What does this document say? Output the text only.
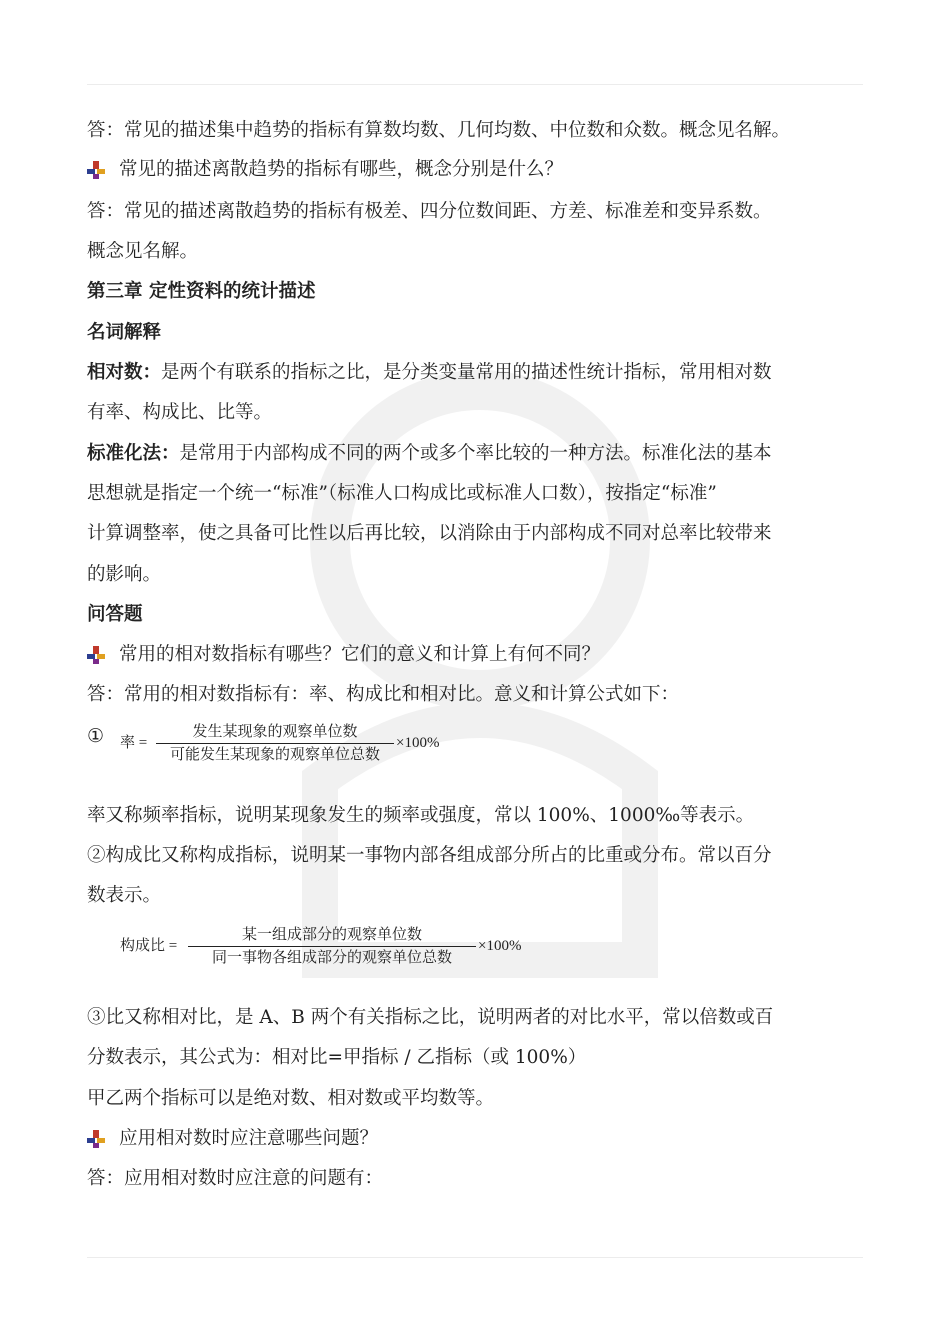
答：常见的描述集中趋势的指标有算数均数、几何均数、中位数和众数。概念见名解。
常见的描述离散趋势的指标有哪些，概念分别是什么？
答：常见的描述离散趋势的指标有极差、四分位数间距、方差、标准差和变异系数。
概念见名解。
第三章 定性资料的统计描述
名词解释
相对数：是两个有联系的指标之比，是分类变量常用的描述性统计指标，常用相对数
有率、构成比、比等。
标准化法：是常用于内部构成不同的两个或多个率比较的一种方法。标准化法的基本
思想就是指定一个统一“标准”（标准人口构成比或标准人口数），按指定“标准”
计算调整率，使之具备可比性以后再比较，以消除由于内部构成不同对总率比较带来
的影响。
问答题
常用的相对数指标有哪些？它们的意义和计算上有何不同？
答：常用的相对数指标有：率、构成比和相对比。意义和计算公式如下：
① 率 =
发生某现象的观察单位数
可能发生某现象的观察单位总数
×100%
率又称频率指标，说明某现象发生的频率或强度，常以 100%、1000‰等表示。
②构成比又称构成指标，说明某一事物内部各组成部分所占的比重或分布。常以百分
数表示。
构成比 =
某一组成部分的观察单位数
同一事物各组成部分的观察单位总数
×100%
③比又称相对比，是 A、B 两个有关指标之比，说明两者的对比水平，常以倍数或百
分数表示，其公式为：相对比=甲指标 / 乙指标（或 100%）
甲乙两个指标可以是绝对数、相对数或平均数等。
应用相对数时应注意哪些问题？
答：应用相对数时应注意的问题有：
